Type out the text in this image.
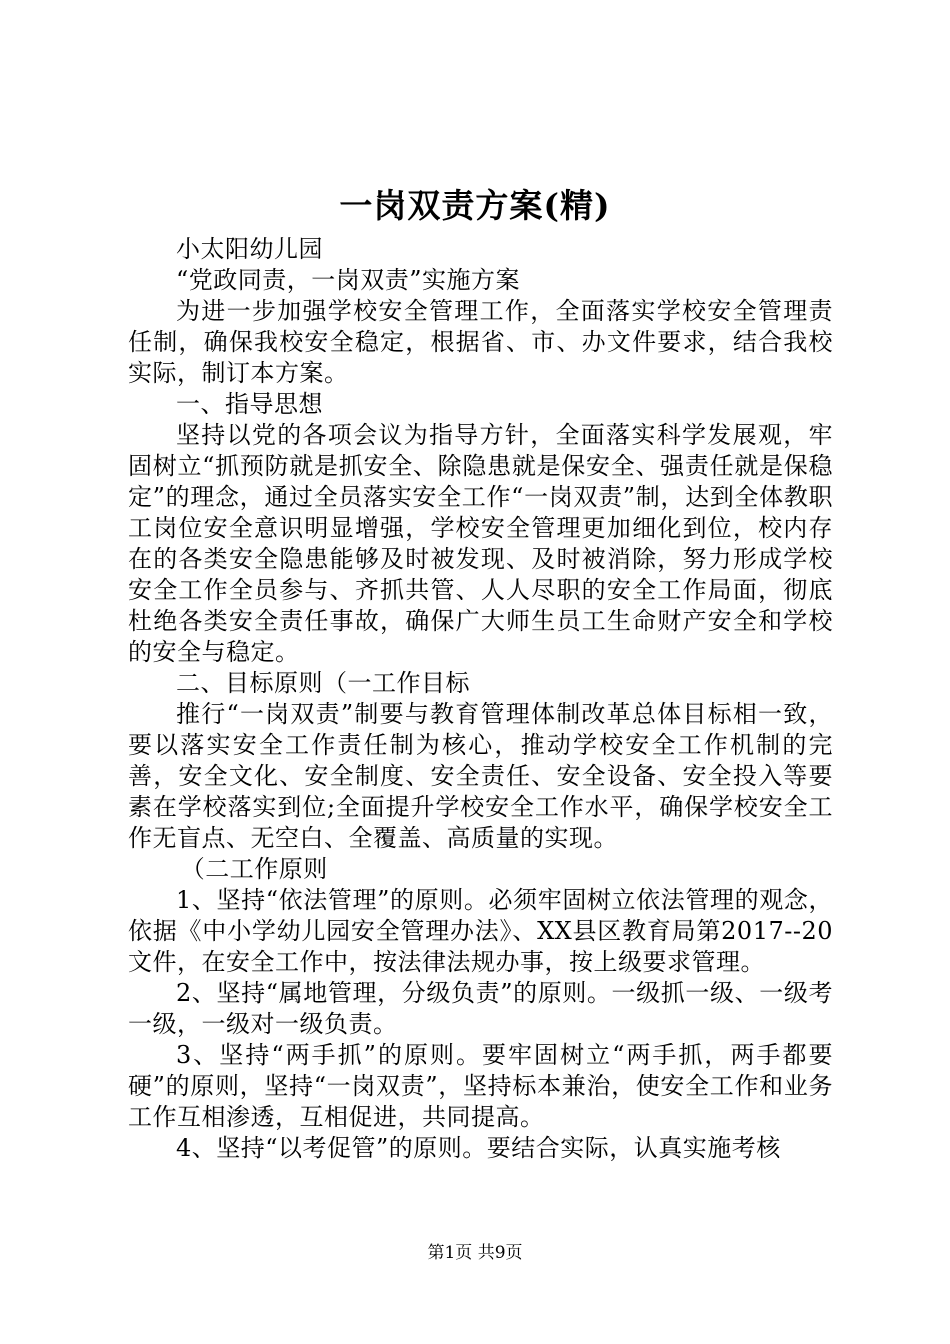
一岗双责方案(精)

小太阳幼儿园

“党政同责，一岗双责”实施方案

为进一步加强学校安全管理工作，全面落实学校安全管理责任制，确保我校安全稳定，根据省、市、办文件要求，结合我校实际，制订本方案。

一、指导思想

坚持以党的各项会议为指导方针，全面落实科学发展观，牢固树立“抓预防就是抓安全、除隐患就是保安全、强责任就是保稳定”的理念，通过全员落实安全工作“一岗双责”制，达到全体教职工岗位安全意识明显增强，学校安全管理更加细化到位，校内存在的各类安全隐患能够及时被发现、及时被消除，努力形成学校安全工作全员参与、齐抓共管、人人尽职的安全工作局面，彻底杜绝各类安全责任事故，确保广大师生员工生命财产安全和学校的安全与稳定。

二、目标原则（一工作目标

推行“一岗双责”制要与教育管理体制改革总体目标相一致，要以落实安全工作责任制为核心，推动学校安全工作机制的完善，安全文化、安全制度、安全责任、安全设备、安全投入等要素在学校落实到位;全面提升学校安全工作水平，确保学校安全工作无盲点、无空白、全覆盖、高质量的实现。

（二工作原则

1、坚持“依法管理”的原则。必须牢固树立依法管理的观念，依据《中小学幼儿园安全管理办法》、XX县区教育局第2017--20文件，在安全工作中，按法律法规办事，按上级要求管理。

2、坚持“属地管理，分级负责”的原则。一级抓一级、一级考一级，一级对一级负责。

3、坚持“两手抓”的原则。要牢固树立“两手抓，两手都要硬”的原则，坚持“一岗双责”，坚持标本兼治，使安全工作和业务工作互相渗透，互相促进，共同提高。

4、坚持“以考促管”的原则。要结合实际，认真实施考核

第1页 共9页
